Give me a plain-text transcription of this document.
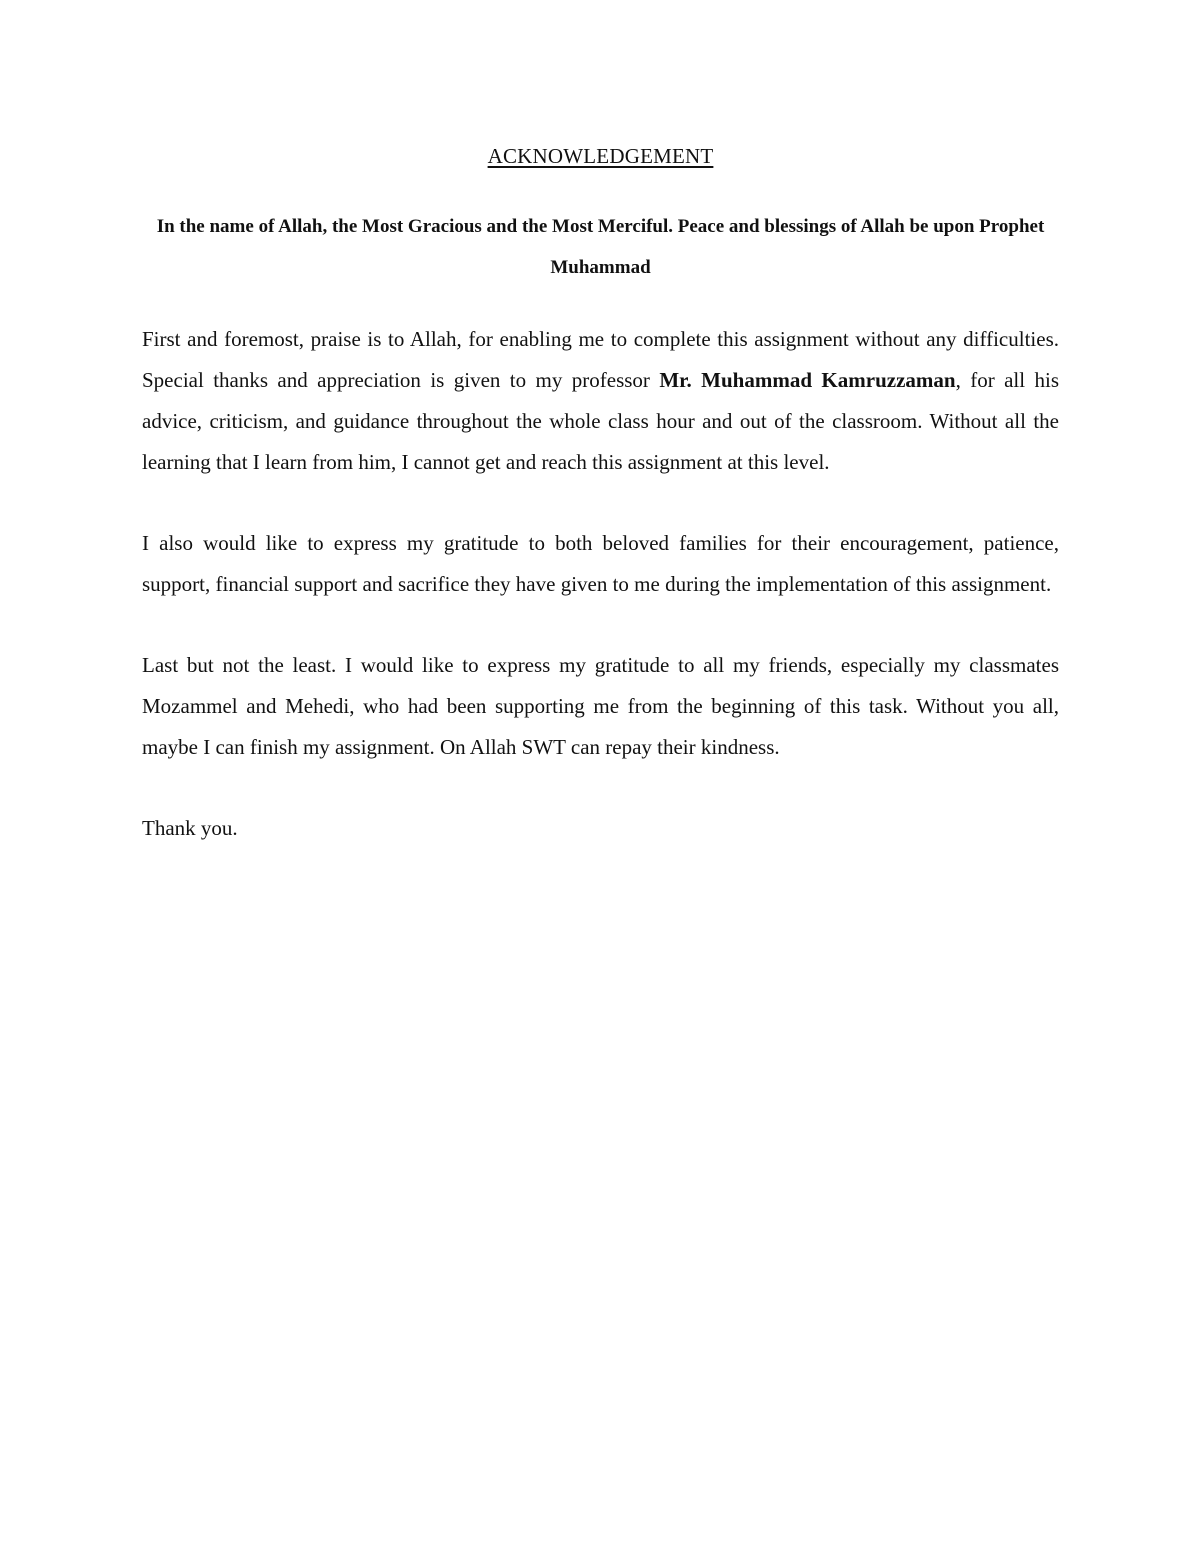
ACKNOWLEDGEMENT

In the name of Allah, the Most Gracious and the Most Merciful. Peace and blessings of Allah be upon Prophet Muhammad

First and foremost, praise is to Allah, for enabling me to complete this assignment without any difficulties. Special thanks and appreciation is given to my professor Mr. Muhammad Kamruzzaman, for all his advice, criticism, and guidance throughout the whole class hour and out of the classroom. Without all the learning that I learn from him, I cannot get and reach this assignment at this level.

I also would like to express my gratitude to both beloved families for their encouragement, patience, support, financial support and sacrifice they have given to me during the implementation of this assignment.

Last but not the least. I would like to express my gratitude to all my friends, especially my classmates Mozammel and Mehedi, who had been supporting me from the beginning of this task. Without you all, maybe I can finish my assignment. On Allah SWT can repay their kindness.

Thank you.
